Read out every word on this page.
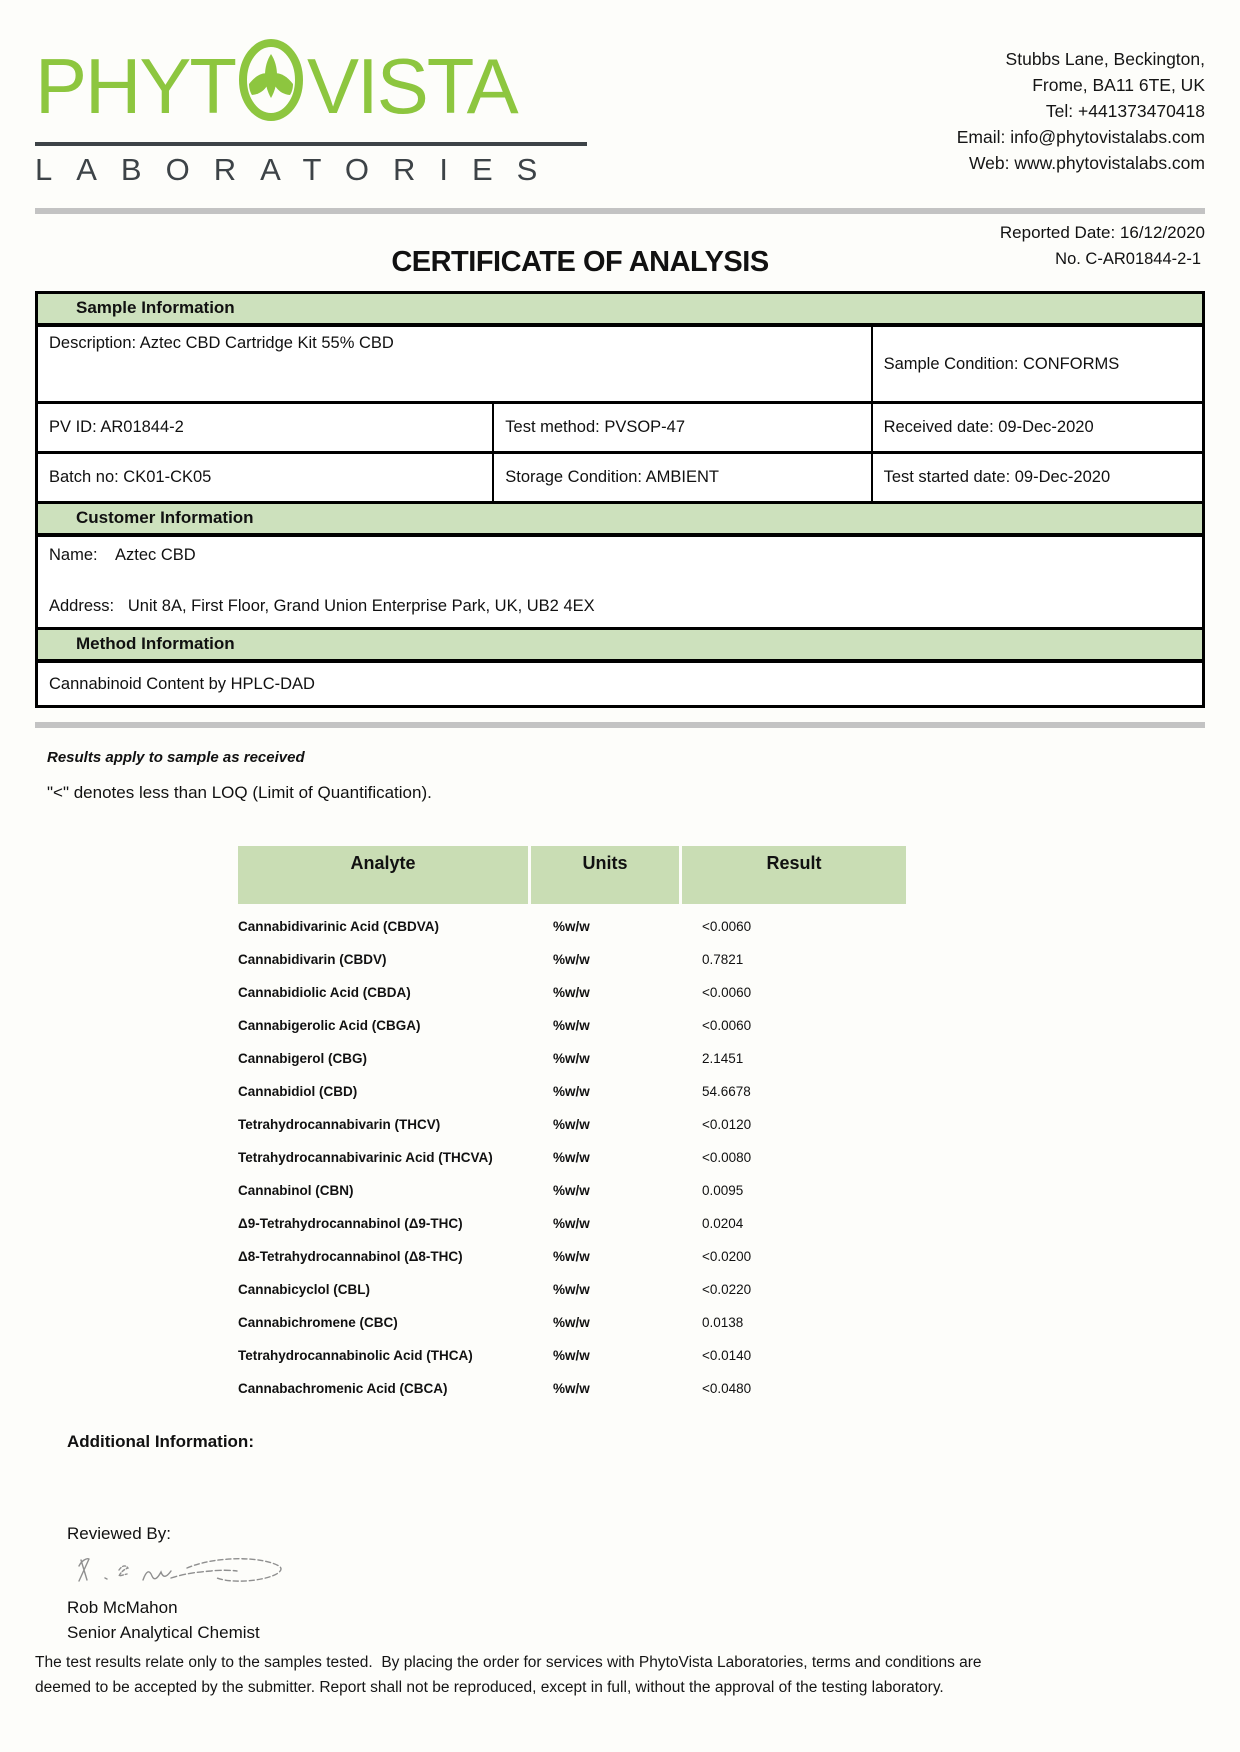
PHYT VISTA
LABORATORIES
Stubbs Lane, Beckington,
Frome, BA11 6TE, UK
Tel: +441373470418
Email: info@phytovistalabs.com
Web: www.phytovistalabs.com
Reported Date: 16/12/2020
CERTIFICATE OF ANALYSIS	No. C-AR01844-2-1
Sample Information
Description: Aztec CBD Cartridge Kit 55% CBD
Sample Condition: CONFORMS
PV ID: AR01844-2	Test method: PVSOP-47	Received date: 09-Dec-2020
Batch no: CK01-CK05	Storage Condition: AMBIENT	Test started date: 09-Dec-2020
Customer Information
Name:    Aztec CBD
Address:   Unit 8A, First Floor, Grand Union Enterprise Park, UK, UB2 4EX
Method Information
Cannabinoid Content by HPLC-DAD
Results apply to sample as received
"<" denotes less than LOQ (Limit of Quantification).
Analyte	Units	Result
Cannabidivarinic Acid (CBDVA)	%w/w	<0.0060
Cannabidivarin (CBDV)	%w/w	0.7821
Cannabidiolic Acid (CBDA)	%w/w	<0.0060
Cannabigerolic Acid (CBGA)	%w/w	<0.0060
Cannabigerol (CBG)	%w/w	2.1451
Cannabidiol (CBD)	%w/w	54.6678
Tetrahydrocannabivarin (THCV)	%w/w	<0.0120
Tetrahydrocannabivarinic Acid (THCVA)	%w/w	<0.0080
Cannabinol (CBN)	%w/w	0.0095
Δ9-Tetrahydrocannabinol (Δ9-THC)	%w/w	0.0204
Δ8-Tetrahydrocannabinol (Δ8-THC)	%w/w	<0.0200
Cannabicyclol (CBL)	%w/w	<0.0220
Cannabichromene (CBC)	%w/w	0.0138
Tetrahydrocannabinolic Acid (THCA)	%w/w	<0.0140
Cannabachromenic Acid (CBCA)	%w/w	<0.0480
Additional Information:
Reviewed By:
Rob McMahon
Senior Analytical Chemist
The test results relate only to the samples tested.  By placing the order for services with PhytoVista Laboratories, terms and conditions are
deemed to be accepted by the submitter. Report shall not be reproduced, except in full, without the approval of the testing laboratory.
